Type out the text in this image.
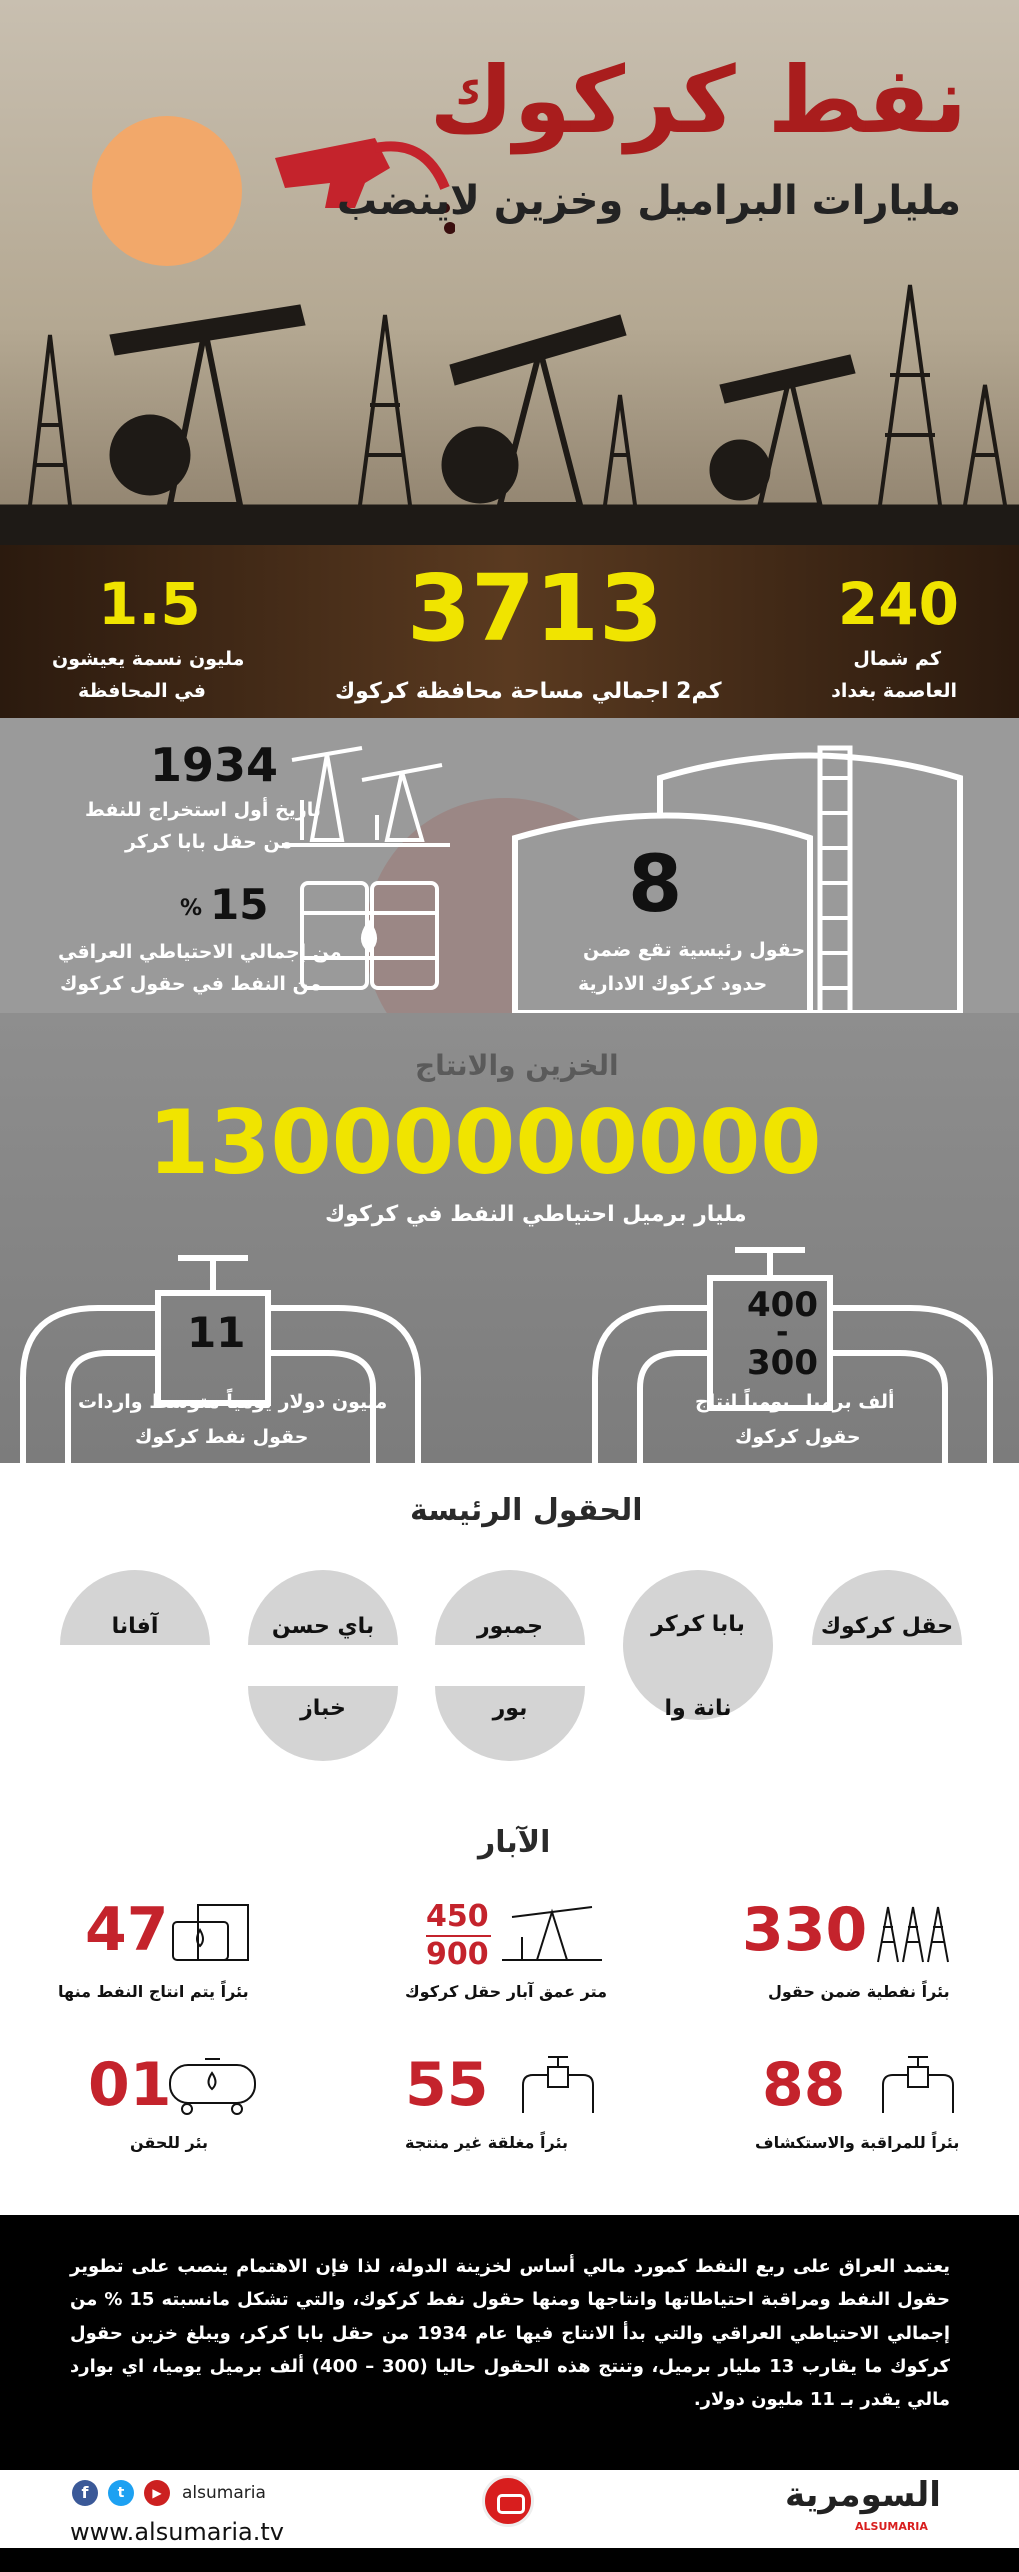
نفط كركوك
مليارات البراميل وخزين لاينضب
240
كم شمال
العاصمة بغداد
3713
كم2 اجمالي مساحة محافظة كركوك
1.5
مليون نسمة يعيشون
في المحافظة
8
حقول رئيسية تقع ضمن
حدود كركوك الادارية
1934
تاريخ أول استخراج للنفط
من حقل بابا كركر
15
%
من إجمالي الاحتياطي العراقي
من النفط في حقول كركوك
الخزين والانتاج
13000000000
مليار برميل احتياطي النفط في كركوك
11
مليون دولار يومياً متوسط واردات
حقول نفط كركوك
400
-
300
ألف برميل يومياً انتاج
حقول كركوك
الحقول الرئيسة
حقل كركوك
بابا كركر
جمبور
باي حسن
آفانا
نانة وا
بور
خباز
الآبار
330
بئراً نفطية ضمن حقول
450
900
متر عمق آبار حقل كركوك
47
بئراً يتم انتاج النفط منها
88
بئراً للمراقبة والاستكشاف
55
بئراً مغلقة غير منتجة
01
بئر للحقن
يعتمد العراق على ربع النفط كمورد مالي أساس لخزينة الدولة، لذا فإن الاهتمام ينصب على تطوير حقول النفط ومراقبة احتياطاتها وانتاجها ومنها حقول نفط كركوك، والتي تشكل مانسبته 15 % من إجمالي الاحتياطي العراقي والتي بدأ الانتاج فيها عام 1934 من حقل بابا كركر، ويبلغ خزين حقول كركوك ما يقارب 13 مليار برميل، وتنتج هذه الحقول حاليا (300 – 400) ألف برميل يوميا، اي بوارد مالي يقدر بـ 11 مليون دولار.
f	t	▶	alsumaria
www.alsumaria.tv
السومرية
ALSUMARIA
